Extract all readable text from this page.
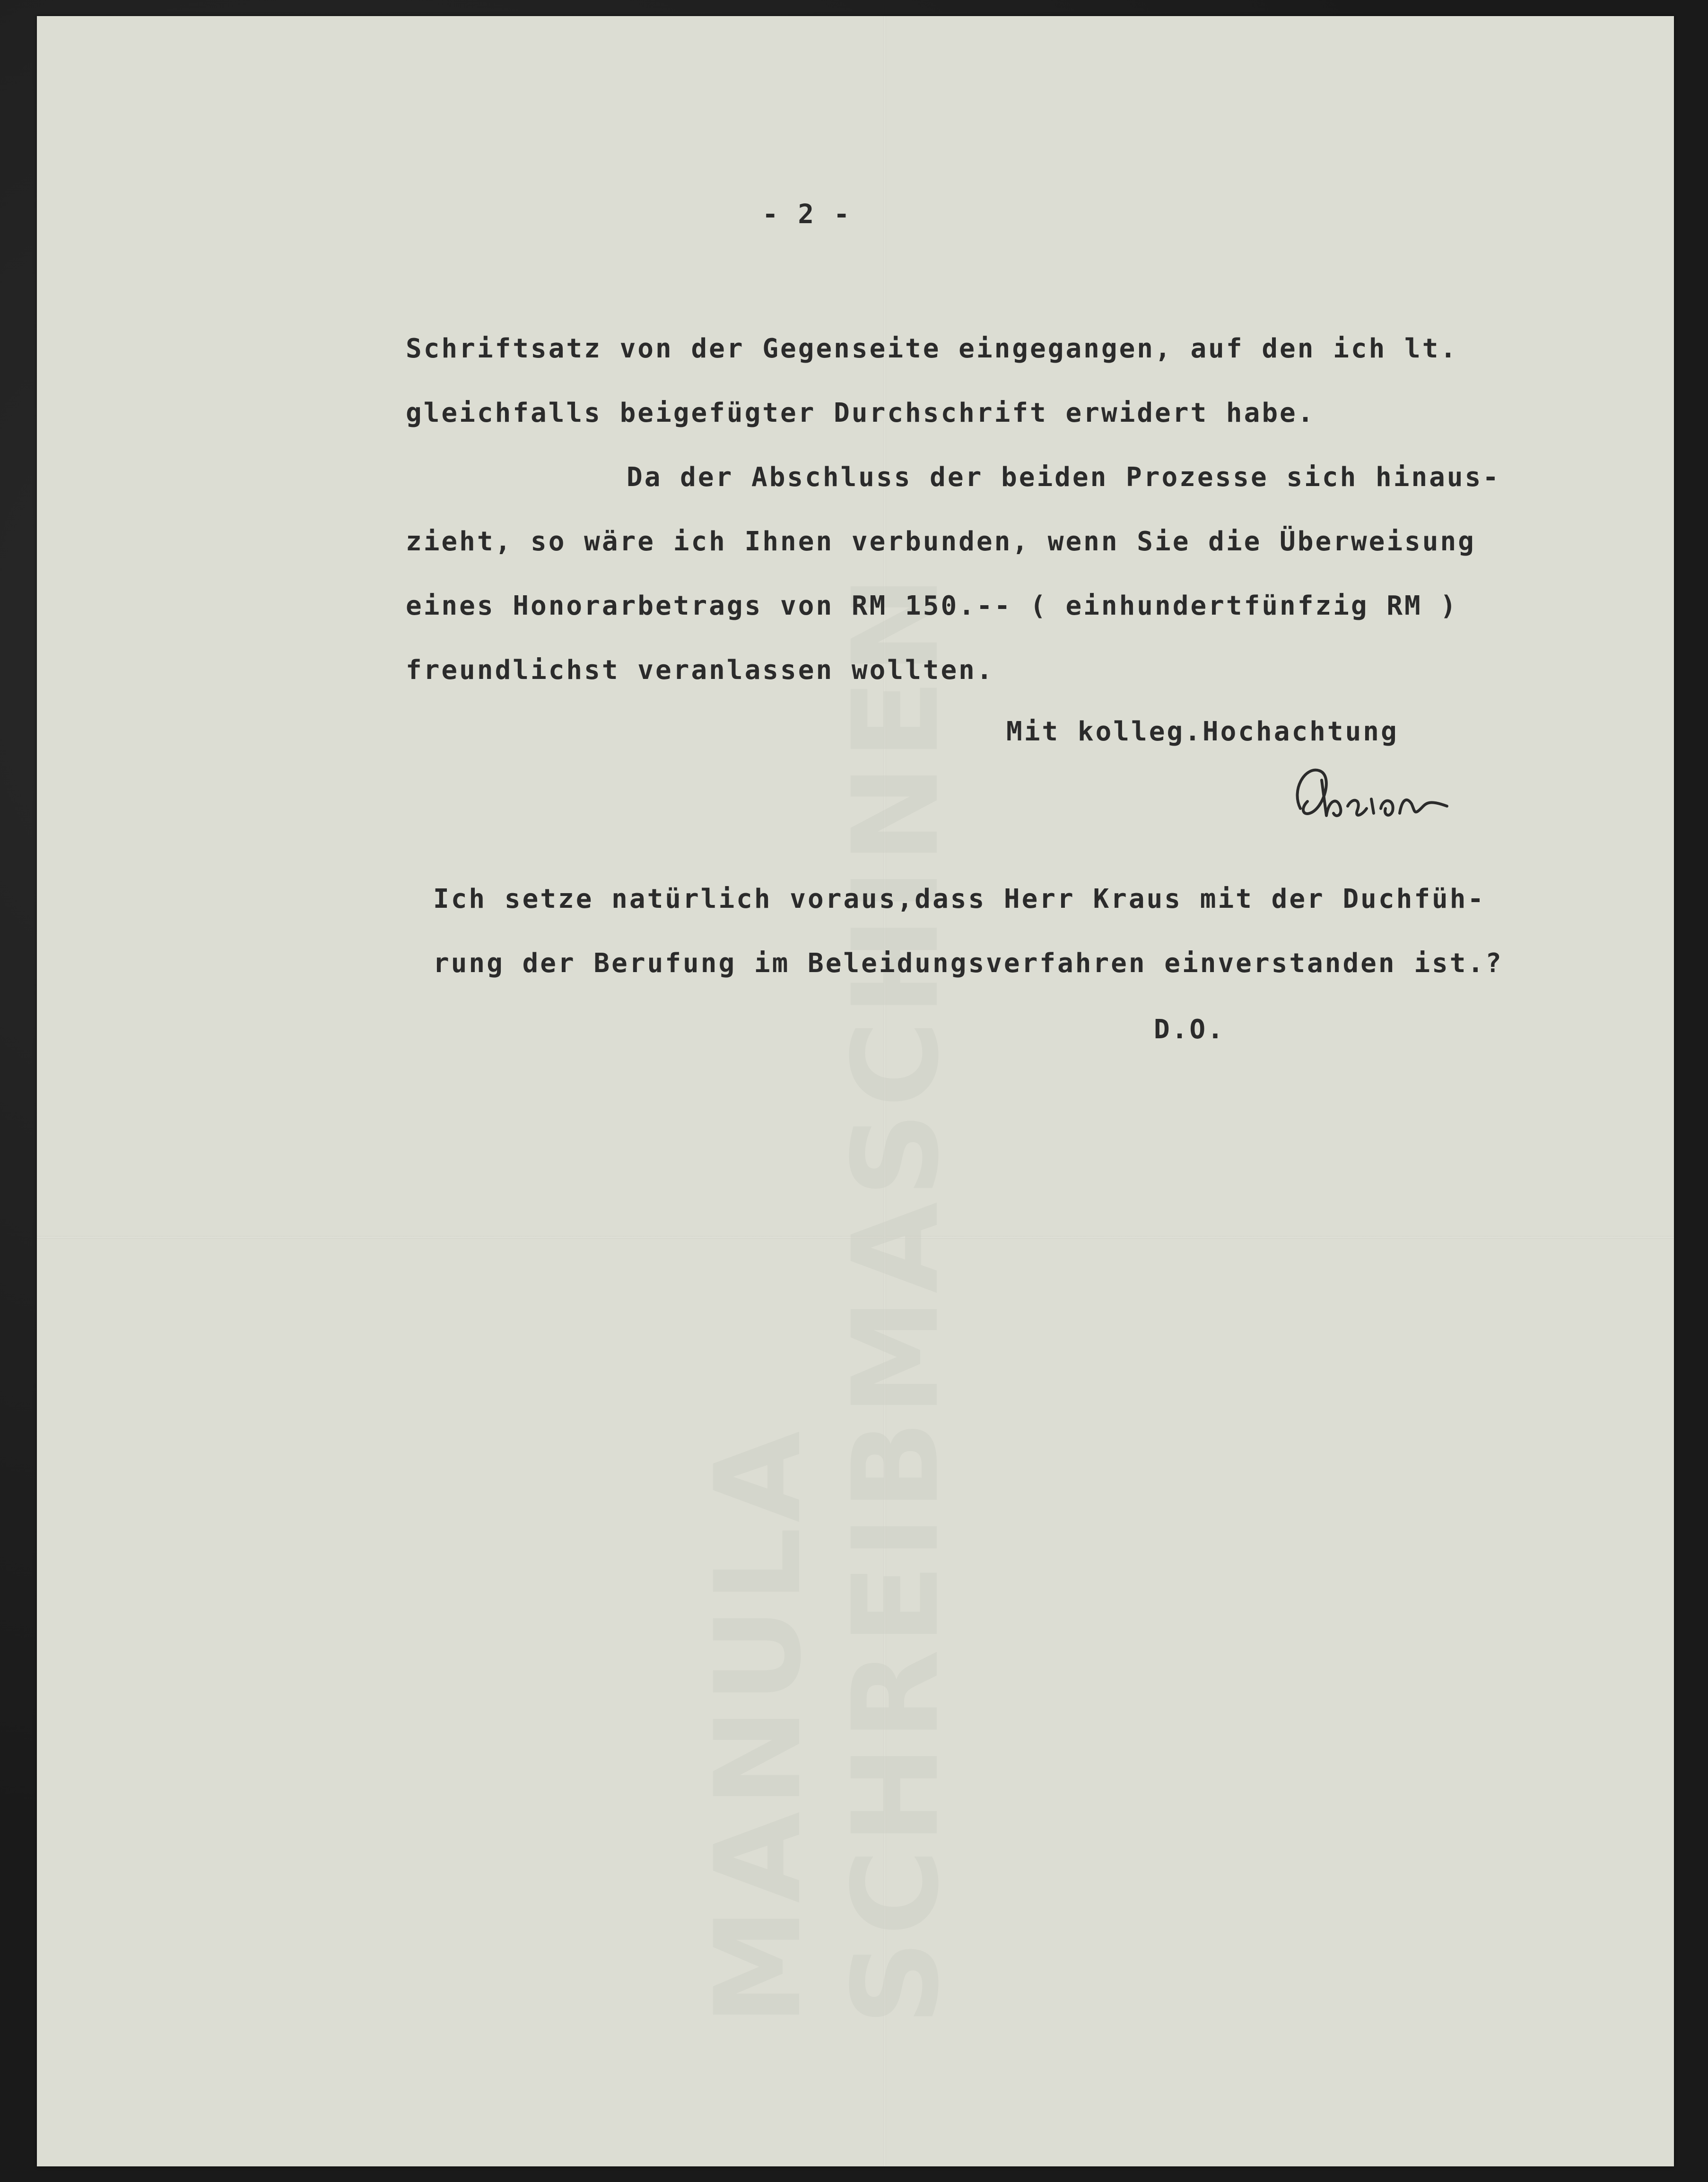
MANULA SCHREIBMASCHINEN
- 2 -
Schriftsatz von der Gegenseite eingegangen, auf den ich lt.
gleichfalls beigefügter Durchschrift erwidert habe.
Da der Abschluss der beiden Prozesse sich hinaus-
zieht, so wäre ich Ihnen verbunden, wenn Sie die Überweisung
eines Honorarbetrags von RM 150.-- ( einhundertfünfzig RM )
freundlichst veranlassen wollten.
Mit kolleg.Hochachtung
Ich setze natürlich voraus,dass Herr Kraus mit der Duchfüh-
rung der Berufung im Beleidungsverfahren einverstanden ist.?
D.O.
